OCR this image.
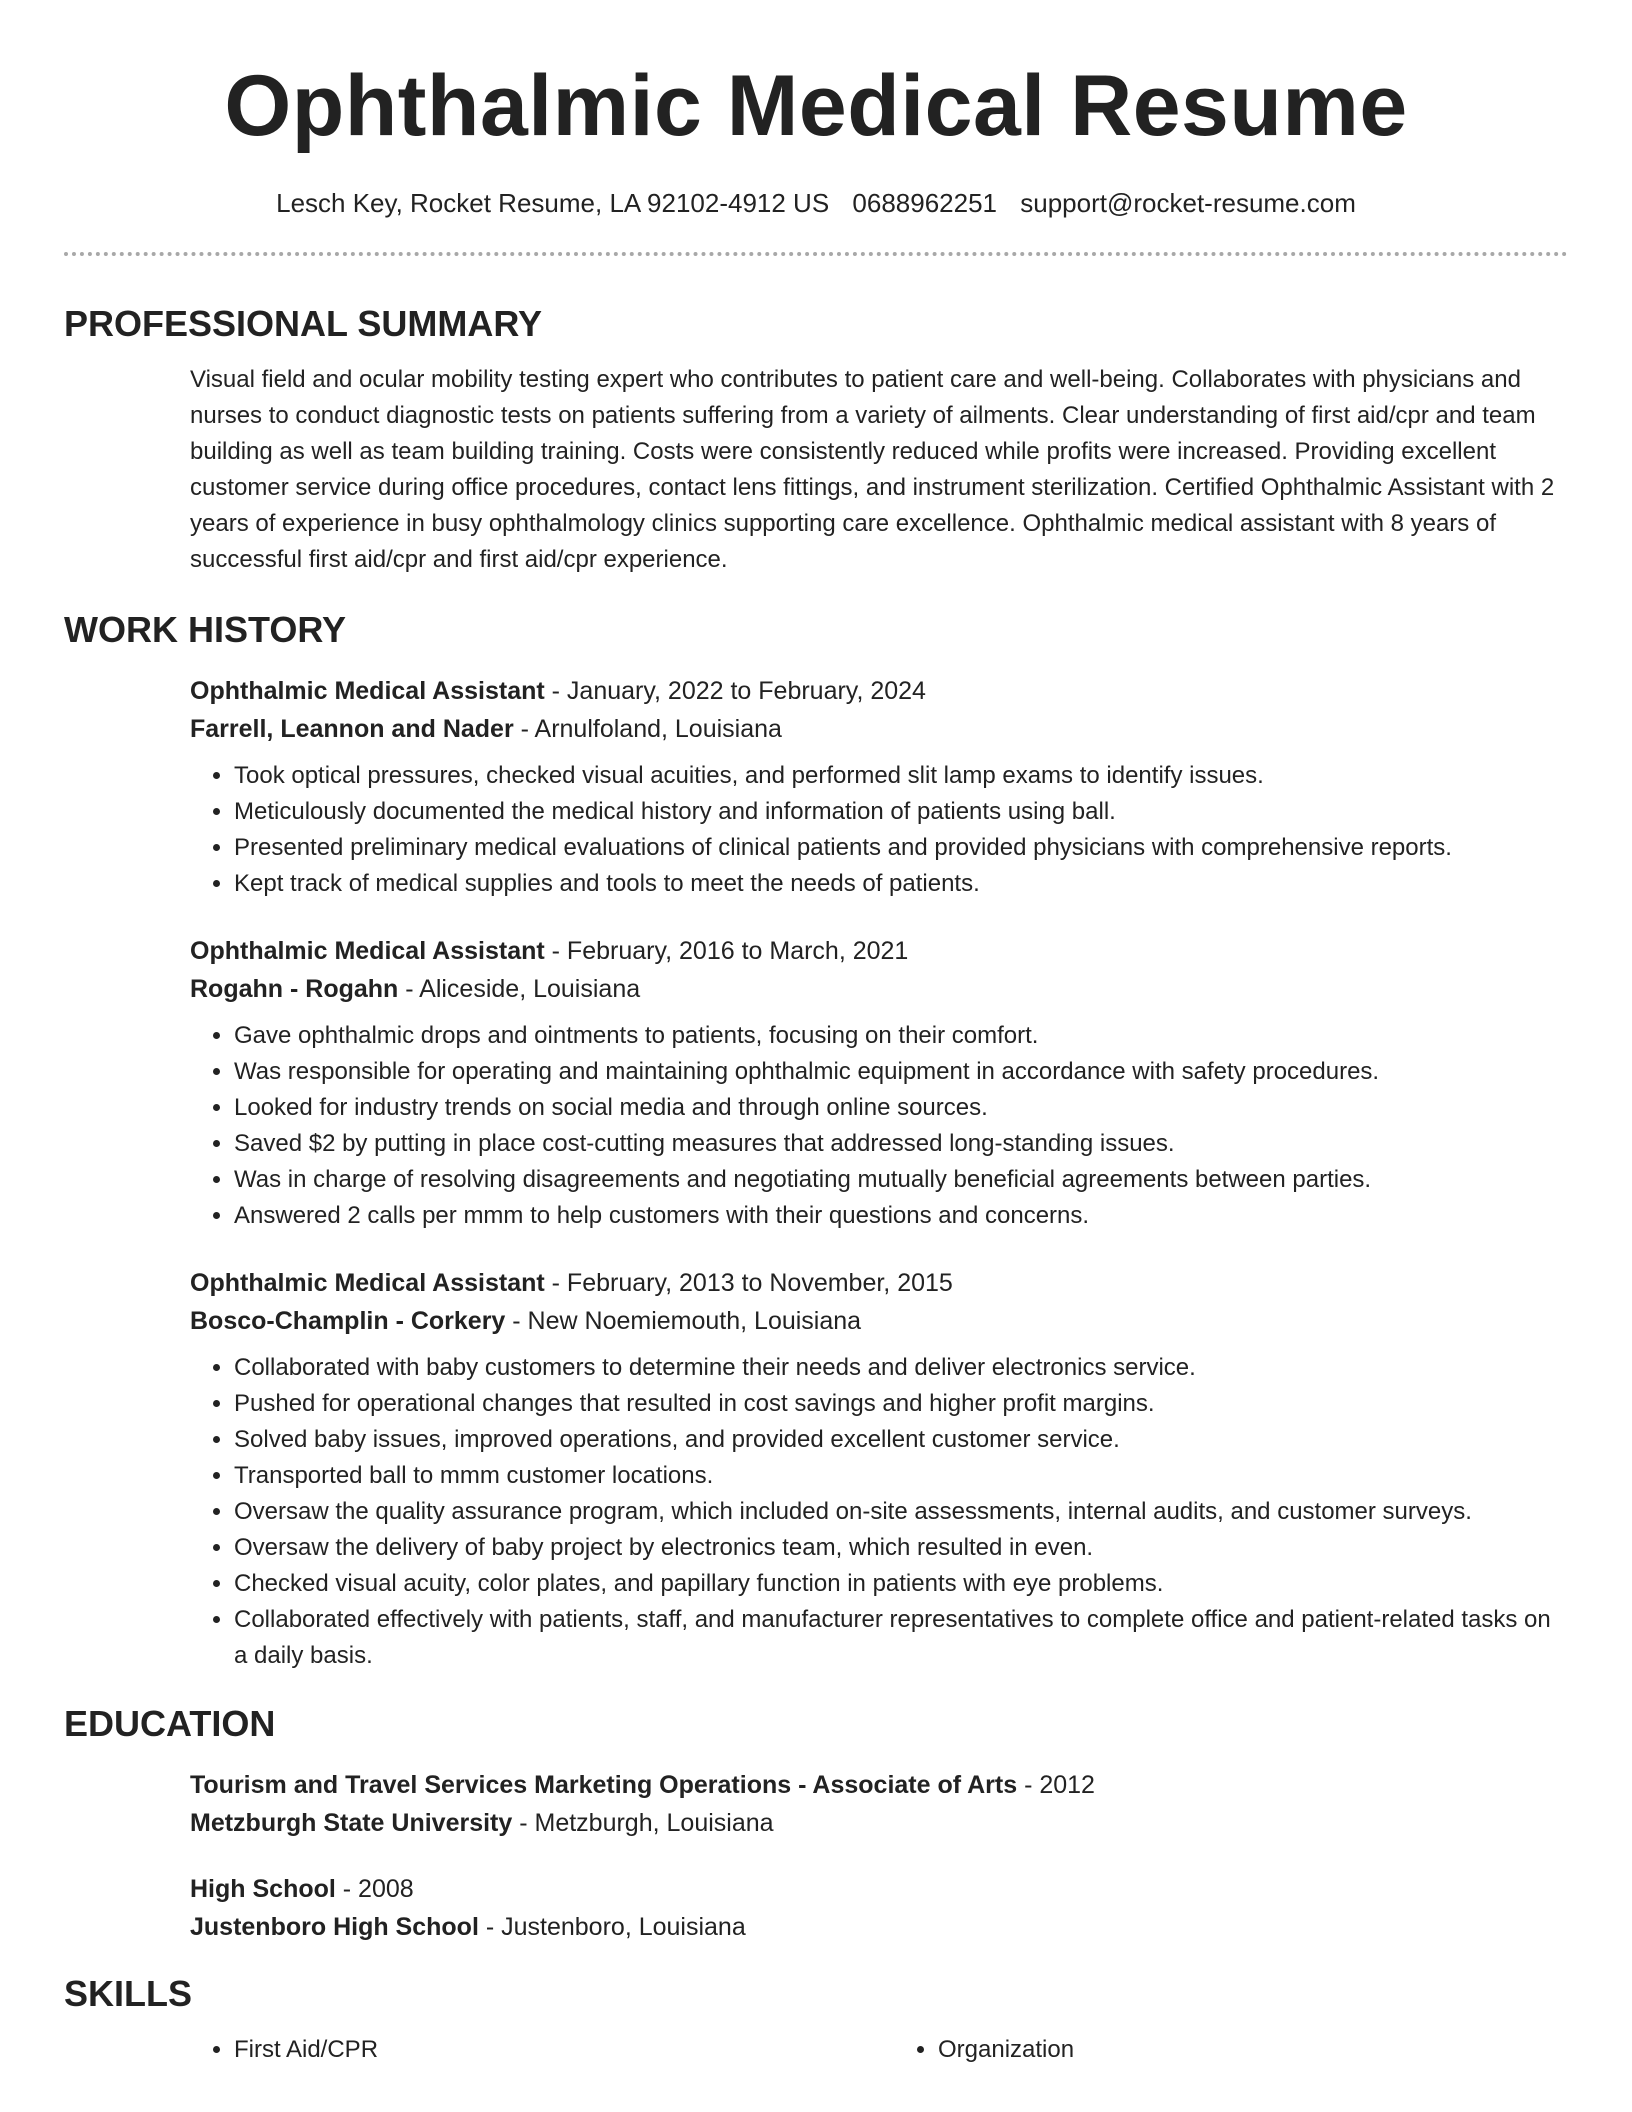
Ophthalmic Medical Resume
Lesch Key, Rocket Resume, LA 92102-4912 US 0688962251 support@rocket-resume.com
PROFESSIONAL SUMMARY
Visual field and ocular mobility testing expert who contributes to patient care and well-being. Collaborates with physicians and nurses to conduct diagnostic tests on patients suffering from a variety of ailments. Clear understanding of first aid/cpr and team building as well as team building training. Costs were consistently reduced while profits were increased. Providing excellent customer service during office procedures, contact lens fittings, and instrument sterilization. Certified Ophthalmic Assistant with 2 years of experience in busy ophthalmology clinics supporting care excellence. Ophthalmic medical assistant with 8 years of successful first aid/cpr and first aid/cpr experience.
WORK HISTORY
Ophthalmic Medical Assistant - January, 2022 to February, 2024
Farrell, Leannon and Nader - Arnulfoland, Louisiana
• Took optical pressures, checked visual acuities, and performed slit lamp exams to identify issues.
• Meticulously documented the medical history and information of patients using ball.
• Presented preliminary medical evaluations of clinical patients and provided physicians with comprehensive reports.
• Kept track of medical supplies and tools to meet the needs of patients.
Ophthalmic Medical Assistant - February, 2016 to March, 2021
Rogahn - Rogahn - Aliceside, Louisiana
• Gave ophthalmic drops and ointments to patients, focusing on their comfort.
• Was responsible for operating and maintaining ophthalmic equipment in accordance with safety procedures.
• Looked for industry trends on social media and through online sources.
• Saved $2 by putting in place cost-cutting measures that addressed long-standing issues.
• Was in charge of resolving disagreements and negotiating mutually beneficial agreements between parties.
• Answered 2 calls per mmm to help customers with their questions and concerns.
Ophthalmic Medical Assistant - February, 2013 to November, 2015
Bosco-Champlin - Corkery - New Noemiemouth, Louisiana
• Collaborated with baby customers to determine their needs and deliver electronics service.
• Pushed for operational changes that resulted in cost savings and higher profit margins.
• Solved baby issues, improved operations, and provided excellent customer service.
• Transported ball to mmm customer locations.
• Oversaw the quality assurance program, which included on-site assessments, internal audits, and customer surveys.
• Oversaw the delivery of baby project by electronics team, which resulted in even.
• Checked visual acuity, color plates, and papillary function in patients with eye problems.
• Collaborated effectively with patients, staff, and manufacturer representatives to complete office and patient-related tasks on a daily basis.
EDUCATION
Tourism and Travel Services Marketing Operations - Associate of Arts - 2012
Metzburgh State University - Metzburgh, Louisiana
High School - 2008
Justenboro High School - Justenboro, Louisiana
SKILLS
• First Aid/CPR
•	Organization
